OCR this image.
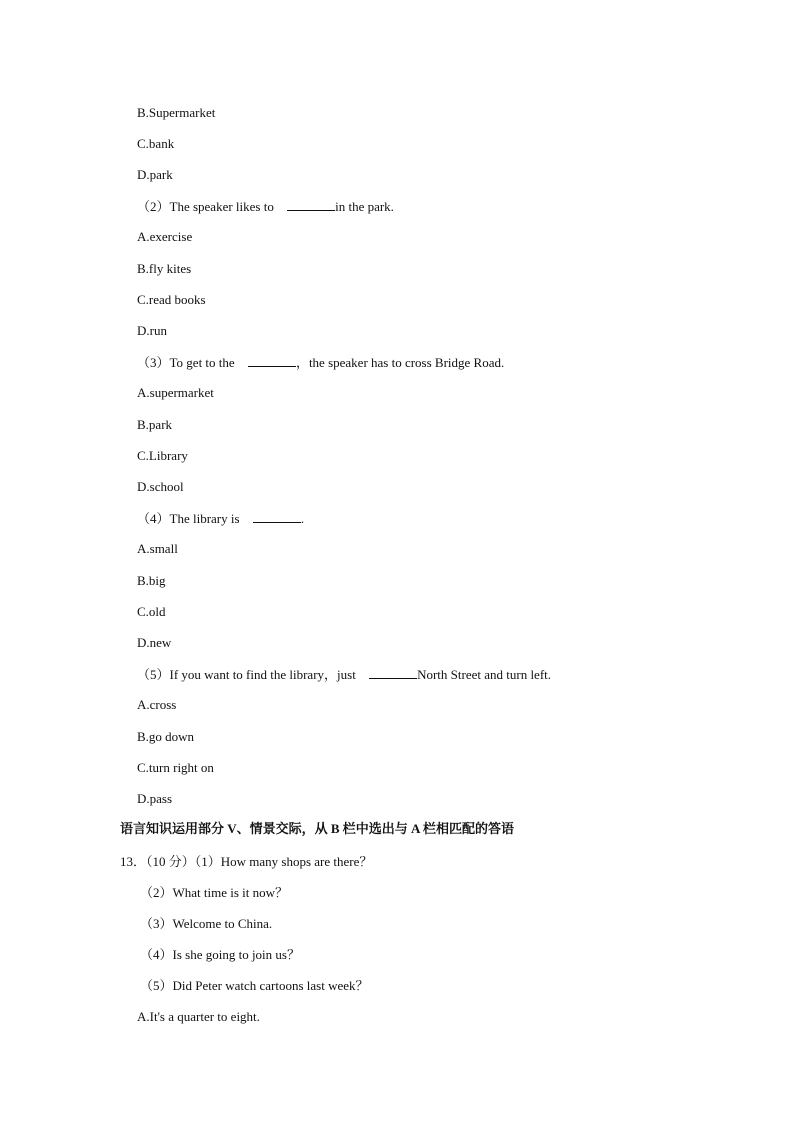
B.Supermarket
C.bank
D.park
（2）The speaker likes to	in the park.
A.exercise
B.fly kites
C.read books
D.run
（3）To get to the	，the speaker has to cross Bridge Road.
A.supermarket
B.park
C.Library
D.school
（4）The library is	.
A.small
B.big
C.old
D.new
（5）If you want to find the library，just	North Street and turn left.
A.cross
B.go down
C.turn right on
D.pass
语言知识运用部分 V、情景交际，从 B 栏中选出与 A 栏相匹配的答语
13．（10 分）（1）How many shops are there？
（2）What time is it now？
（3）Welcome to China.
（4）Is she going to join us？
（5）Did Peter watch cartoons last week？
A.It's a quarter to eight.
